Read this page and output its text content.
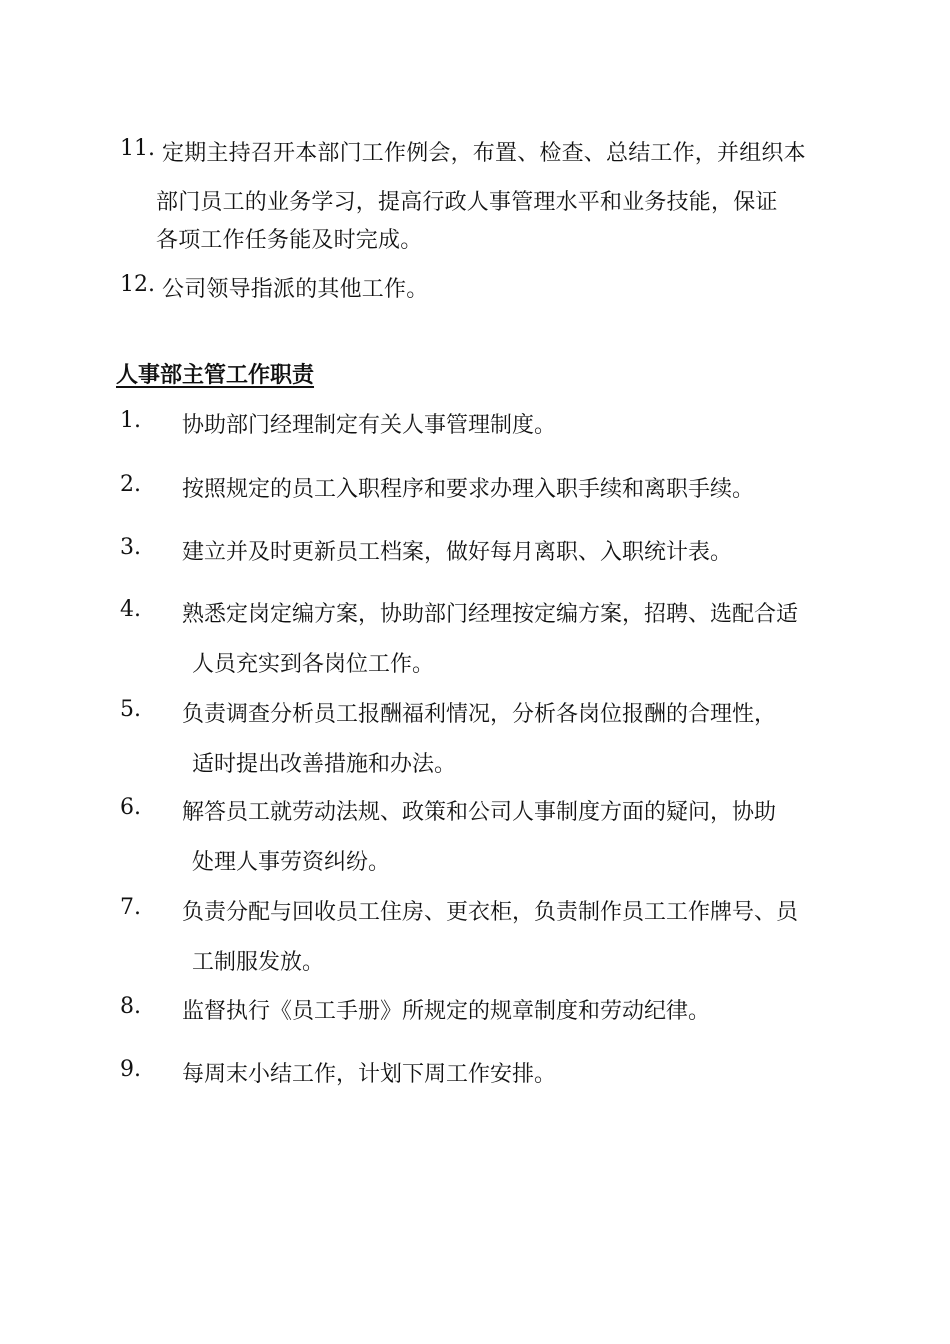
11. 定期主持召开本部门工作例会，布置、检查、总结工作，并组织本
部门员工的业务学习，提高行政人事管理水平和业务技能，保证
各项工作任务能及时完成。
12. 公司领导指派的其他工作。
人事部主管工作职责
1. 协助部门经理制定有关人事管理制度。
2. 按照规定的员工入职程序和要求办理入职手续和离职手续。
3. 建立并及时更新员工档案，做好每月离职、入职统计表。
4. 熟悉定岗定编方案，协助部门经理按定编方案，招聘、选配合适
人员充实到各岗位工作。
5. 负责调查分析员工报酬福利情况，分析各岗位报酬的合理性，
适时提出改善措施和办法。
6. 解答员工就劳动法规、政策和公司人事制度方面的疑问，协助
处理人事劳资纠纷。
7. 负责分配与回收员工住房、更衣柜，负责制作员工工作牌号、员
工制服发放。
8. 监督执行《员工手册》所规定的规章制度和劳动纪律。
9. 每周末小结工作，计划下周工作安排。
